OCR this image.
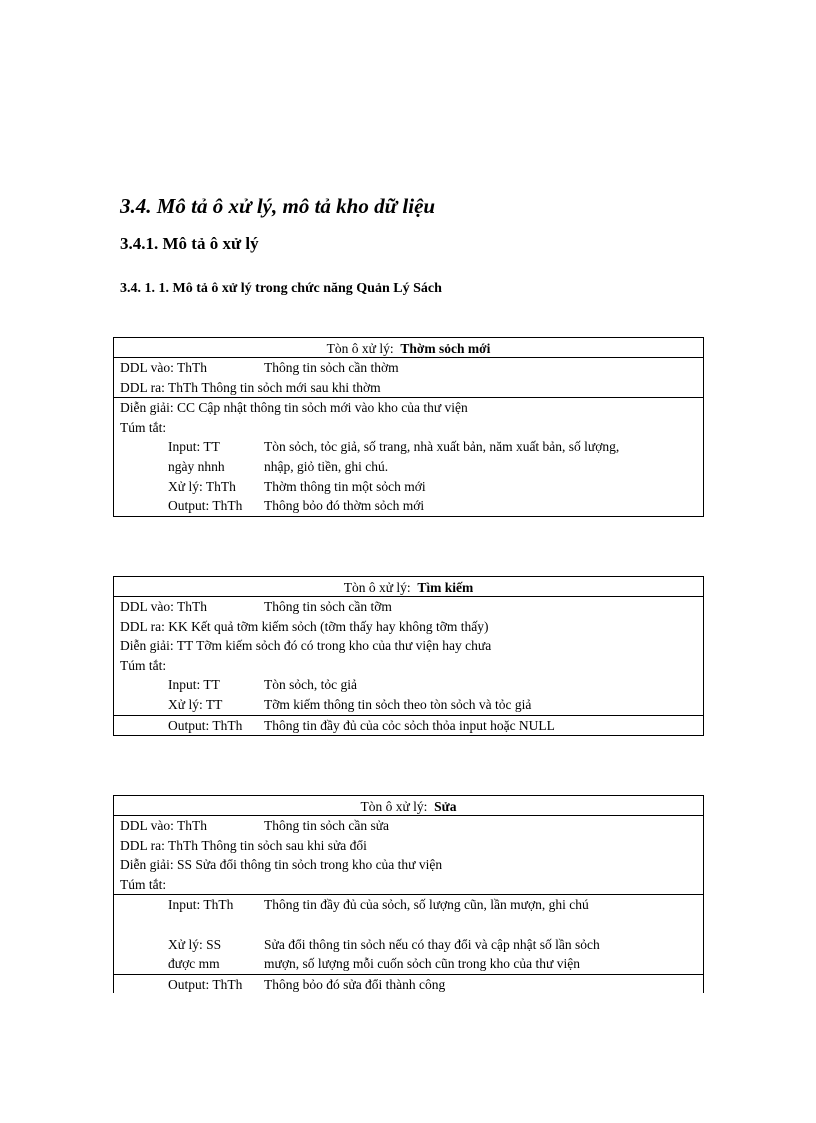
3.4. Mô tả ô xử lý, mô tả kho dữ liệu
3.4.1. Mô tả ô xử lý
3.4. 1. 1. Mô tả ô xử lý trong chức năng Quản Lý Sách
Tòn ô xử lý: Thờm sỏch mới
DDL vào: ThTh	Thông tin sỏch cần thờm
DDL ra: ThTh
Thông tin sỏch mới sau khi thờm
Diễn giải: CC Cập nhật thông tin sỏch mới vào kho của thư viện
Túm tắt:
Input: TT	Tòn sỏch, tỏc giả, số trang, nhà xuất bản, năm xuất bản, số lượng,
ngày nhnh	nhập, giỏ tiền, ghi chú.
Xử lý: ThTh	Thờm thông tin một sỏch mới
Output: ThTh	Thông bỏo đó thờm sỏch mới
Tòn ô xử lý: Tìm kiếm
DDL vào: ThTh	Thông tin sỏch cần tỡm
DDL ra: KK Kết quả tỡm kiếm sỏch (tỡm thấy hay không tỡm thấy)
Diễn giải: TT Tỡm kiếm sỏch đó có trong kho của thư viện hay chưa
Túm tắt:
Input: TT	Tòn sỏch, tỏc giả
Xử lý: TT	Tỡm kiếm thông tin sỏch theo tòn sỏch và tỏc giả
Output: ThTh	Thông tin đầy đủ của cỏc sỏch thỏa input hoặc NULL
Tòn ô xử lý: Sửa
DDL vào: ThTh	Thông tin sỏch cần sửa
DDL ra: ThTh
Thông tin sỏch sau khi sửa đổi
Diễn giải: SS Sửa đổi thông tin sỏch trong kho của thư viện
Túm tắt:
Input: ThTh	Thông tin đầy đủ của sỏch, số lượng cũn, lần mượn, ghi chú
Xử lý: SS	Sửa đổi thông tin sỏch nếu có thay đổi và cập nhật số lần sỏch
được mm	mượn, số lượng mỗi cuốn sỏch cũn trong kho của thư viện
Output: ThTh	Thông bỏo đó sửa đổi thành công
